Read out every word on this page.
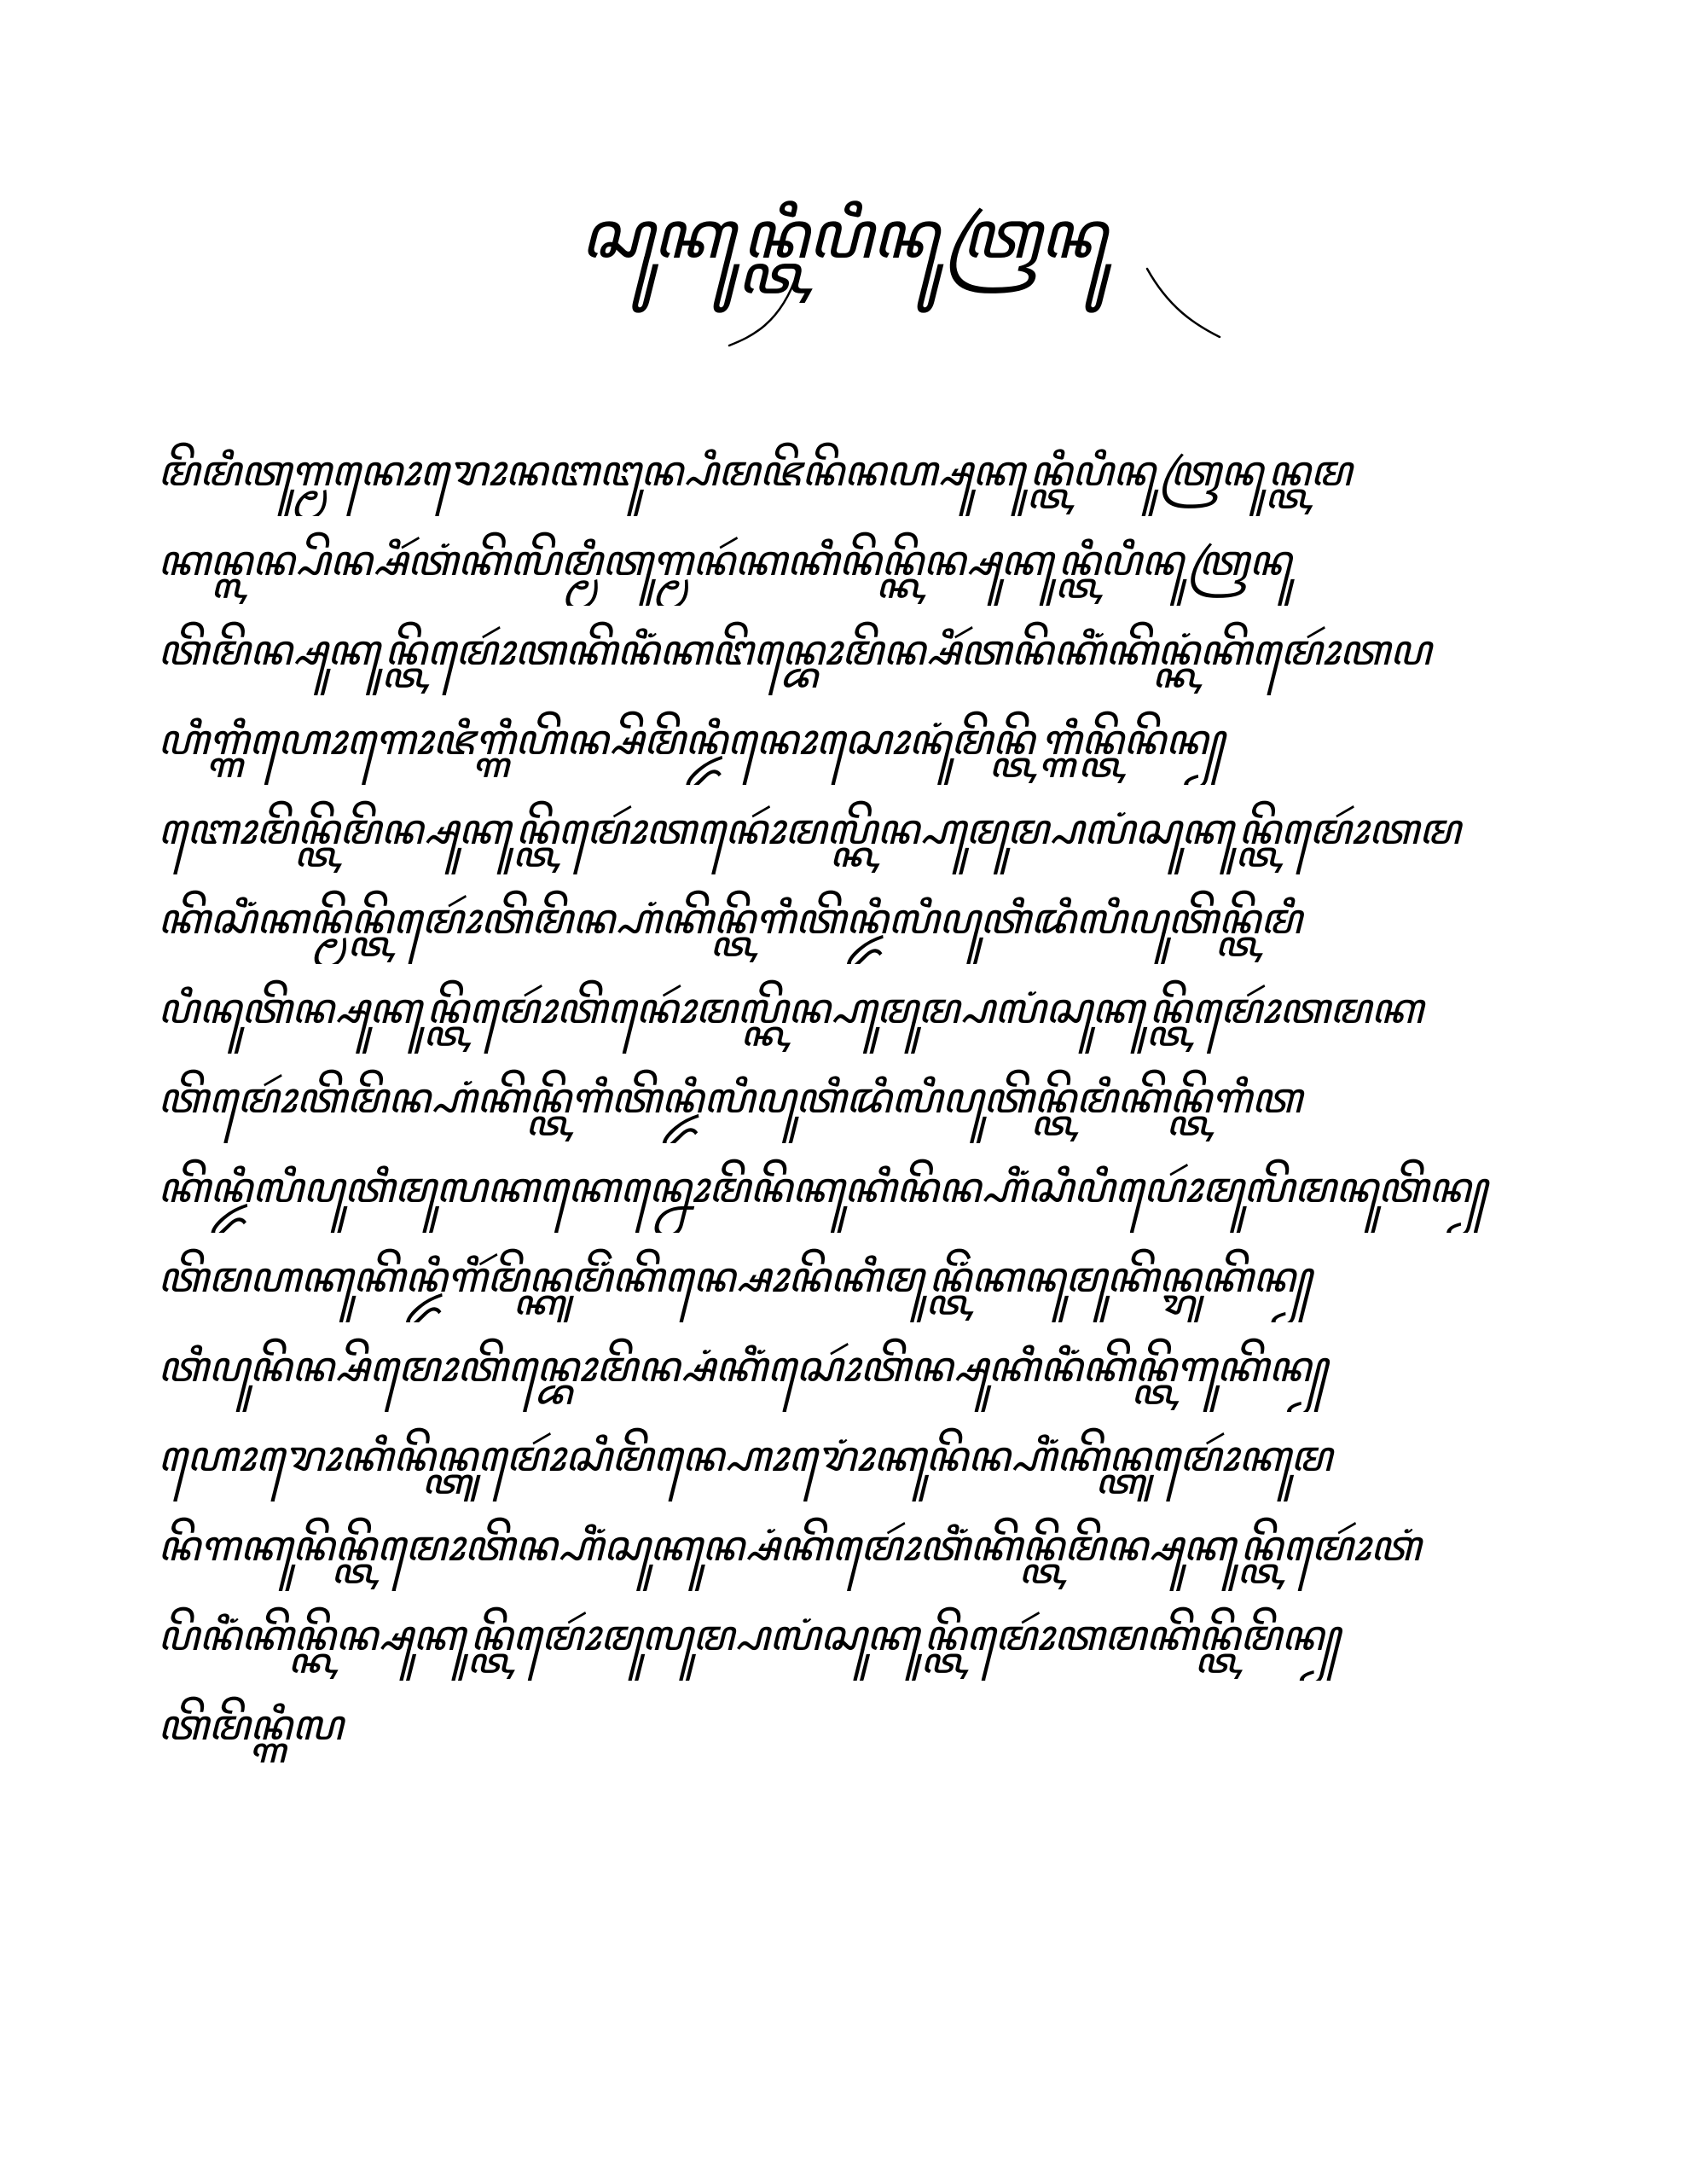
ꦱꦸꦏꦸꦤ꧀ꦠꦶꦥꦶꦤꦸꦠꦿꦤꦸ
ꦩꦼꦩꦶꦠꦸꦒ꧀ꦩꦤꦺꦴꦫꦺꦴꦤꦧꦔꦸꦤ꧀ꦥꦶꦩꦗꦼꦤꦼꦤꦲ꧀ꦱꦸꦏꦸꦤ꧀ꦠꦶꦥꦶꦤꦸꦠꦿꦤꦸꦤ꧀ꦠꦩ
ꦏꦤ꧀ꦭꦤ꧀ꦥꦼꦤ꧀ꦱꦶꦂꦠꦁꦏꦼꦭꦼꦩ꧀ꦩꦶꦠꦸꦒ꧀ꦩꦤꦂꦏꦏꦶꦤꦼꦤ꧀ꦏꦼꦤ꧀ꦱꦸꦏꦸꦤ꧀ꦠꦶꦥꦶꦤꦸꦠꦿꦤꦸ
ꦠꦼꦩꦼꦤ꧀ꦱꦸꦏꦸꦤ꧀ꦠꦼꦩꦺꦴꦂꦠꦏꦼꦤꦶꦁꦏꦔꦼꦤ꧀ꦧꦺꦴꦩꦼꦤ꧀ꦱꦶꦂꦠꦤꦼꦏꦶꦁꦏꦼꦤ꧀ꦏꦁꦏꦼꦩꦺꦴꦂꦠꦥ
ꦲꦶꦒ꧀ꦒꦶꦲꦺꦴꦒꦺꦴꦗꦶꦒ꧀ꦒꦶꦲꦼꦤ꧀ꦱꦼꦩꦼꦤ꧀ꦢꦶꦤꦺꦴꦱꦺꦴꦤꦸꦁꦩꦼꦤ꧀ꦠꦼꦒ꧀ꦒꦶꦤ꧀ꦠꦼꦤꦼꦤ꧀
ꦧꦺꦴꦩꦼꦤ꧀ꦠꦼꦩꦼꦤ꧀ꦱꦸꦏꦸꦤ꧀ꦠꦼꦩꦺꦴꦂꦠꦤꦺꦴꦂꦩꦭ꧀ꦏꦼꦤ꧀ꦲꦸꦩꦸꦩ꧀ꦥꦭꦁꦱꦸꦏꦸꦤ꧀ꦠꦼꦩꦺꦴꦂꦠꦩ
ꦏꦼꦱꦶꦁꦏꦤ꧀ꦩꦼꦤ꧀ꦠꦼꦩꦺꦴꦂꦠꦼꦩꦼꦤ꧀ꦲꦁꦏꦼꦤ꧀ꦠꦼꦒꦶꦠꦼꦤ꧀ꦢꦶꦭꦶꦥꦸꦠꦶꦢꦶꦭꦶꦥꦸꦠꦼꦤ꧀ꦠꦼꦩꦶ
ꦥꦶꦤꦸꦠꦼꦤ꧀ꦱꦸꦏꦸꦤ꧀ꦠꦼꦩꦺꦴꦂꦠꦼꦤꦺꦴꦂꦩꦭ꧀ꦏꦼꦤ꧀ꦲꦸꦩꦸꦩ꧀ꦥꦭꦁꦱꦸꦏꦸꦤ꧀ꦠꦼꦩꦺꦴꦂꦠꦩꦏ
ꦠꦼꦩꦺꦴꦂꦠꦼꦩꦼꦤ꧀ꦲꦁꦏꦼꦤ꧀ꦠꦼꦒꦶꦠꦼꦤ꧀ꦢꦶꦭꦶꦥꦸꦠꦶꦢꦶꦭꦶꦥꦸꦠꦼꦤ꧀ꦠꦼꦩꦶꦏꦼꦤ꧀ꦠꦼꦒꦶꦠ
ꦏꦼꦤ꧀ꦢꦶꦭꦶꦥꦸꦠꦶꦩꦸꦭꦏꦏꦺꦤ꧀ꦤꦺꦴꦩꦼꦤꦼꦏꦸꦏꦶꦤꦼꦤ꧀ꦲꦶꦁꦱꦶꦥꦶꦥꦺꦴꦂꦩꦸꦭꦼꦩꦤꦸꦠꦼꦤ꧀
ꦠꦼꦩꦲꦏꦸꦏꦼꦤ꧀ꦢꦶꦒꦶꦂꦩꦼꦤ꧀ꦏꦸꦩꦼꦁꦏꦼꦤ꧀ꦱꦺꦴꦤꦼꦏꦶꦩꦸꦤ꧀ꦠꦼꦁꦏꦤꦸꦩꦸꦏꦼꦤ꧀ꦫꦸꦏꦼꦤ꧀
ꦠꦶꦥꦸꦤꦼꦤ꧀ꦱꦼꦩꦺꦴꦠꦼꦤ꧀ꦧꦺꦴꦩꦼꦤ꧀ꦱꦁꦏꦶꦁꦱꦺꦴꦂꦠꦼꦤ꧀ꦱꦸꦏꦶꦤꦶꦁꦏꦼꦤ꧀ꦠꦼꦒꦸꦏꦼꦤ꧀
ꦲꦺꦴꦫꦺꦴꦏꦶꦤꦼꦤ꧀ꦠꦸꦩꦺꦴꦂꦱꦶꦩꦼꦤ꧀ꦲꦺꦴꦫꦺꦴꦁꦏꦸꦤꦼꦤ꧀ꦲꦶꦁꦏꦼꦤ꧀ꦠꦸꦩꦺꦴꦂꦏꦸꦩ
ꦤꦼꦒꦏꦸꦤꦼꦤ꧀ꦠꦼꦩꦺꦴꦠꦼꦤ꧀ꦲꦶꦁꦱꦸꦏꦸꦤ꧀ꦱꦁꦏꦼꦩꦺꦴꦂꦠꦶꦁꦏꦼꦤ꧀ꦠꦼꦩꦼꦤ꧀ꦱꦸꦏꦸꦤ꧀ꦠꦼꦩꦺꦴꦂꦠꦁ
ꦥꦼꦤꦶꦁꦏꦼꦤ꧀ꦏꦼꦤ꧀ꦱꦸꦏꦸꦤ꧀ꦠꦼꦩꦺꦴꦂꦩꦸꦭꦸꦩ꧀ꦥꦭꦁꦱꦸꦏꦸꦤ꧀ꦠꦼꦩꦺꦴꦂꦠꦩꦏꦼꦤ꧀ꦠꦼꦩꦼꦤ꧀
ꦠꦼꦩꦼꦤ꧀ꦒꦶꦭ
